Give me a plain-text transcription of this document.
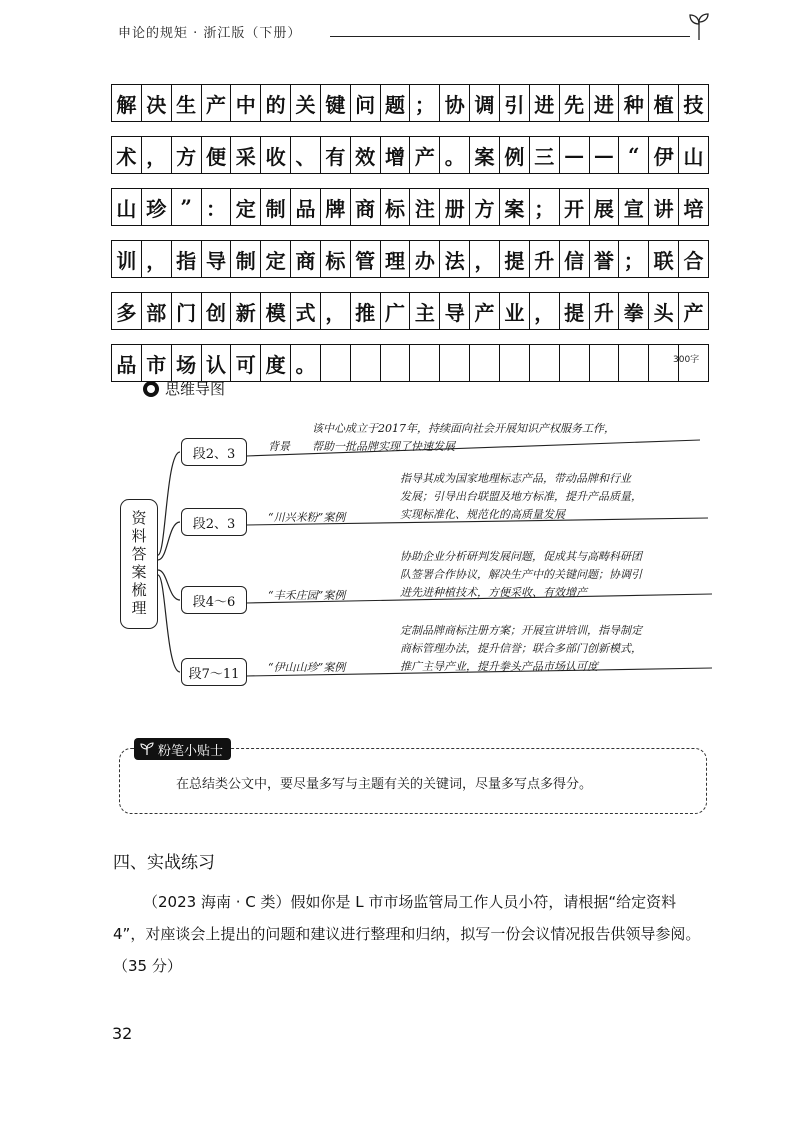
申论的规矩 · 浙江版（下册）
解 决 生 产 中 的 关 键 问 题 ； 协 调 引 进 先 进 种 植 技
术 ， 方 便 采 收 、 有 效 增 产 。 案 例 三 — — “ 伊 山
山 珍 ” ： 定 制 品 牌 商 标 注 册 方 案 ； 开 展 宣 讲 培
训 ， 指 导 制 定 商 标 管 理 办 法 ， 提 升 信 誉 ； 联 合
多 部 门 创 新 模 式 ， 推 广 主 导 产 业 ， 提 升 拳 头 产
品 市 场 认 可 度 。	300字
思维导图
资料答案梳理
段2、3
段2、3
段4～6
段7～11
背景
“川兴米粉”案例
“丰禾庄园”案例
“伊山山珍”案例
该中心成立于2017年，持续面向社会开展知识产权服务工作，
帮助一批品牌实现了快速发展
指导其成为国家地理标志产品，带动品牌和行业
发展；引导出台联盟及地方标准，提升产品质量，
实现标准化、规范化的高质量发展
协助企业分析研判发展问题，促成其与高畴科研团
队签署合作协议，解决生产中的关键问题；协调引
进先进种植技术，方便采收、有效增产
定制品牌商标注册方案；开展宣讲培训，指导制定
商标管理办法，提升信誉；联合多部门创新模式，
推广主导产业，提升拳头产品市场认可度
粉笔小贴士
在总结类公文中，要尽量多写与主题有关的关键词，尽量多写点多得分。
四、实战练习
（2023 海南 · C 类）假如你是 L 市市场监管局工作人员小符，请根据“给定资料 4”，对座谈会上提出的问题和建议进行整理和归纳，拟写一份会议情况报告供领导参阅。（35 分）
32
